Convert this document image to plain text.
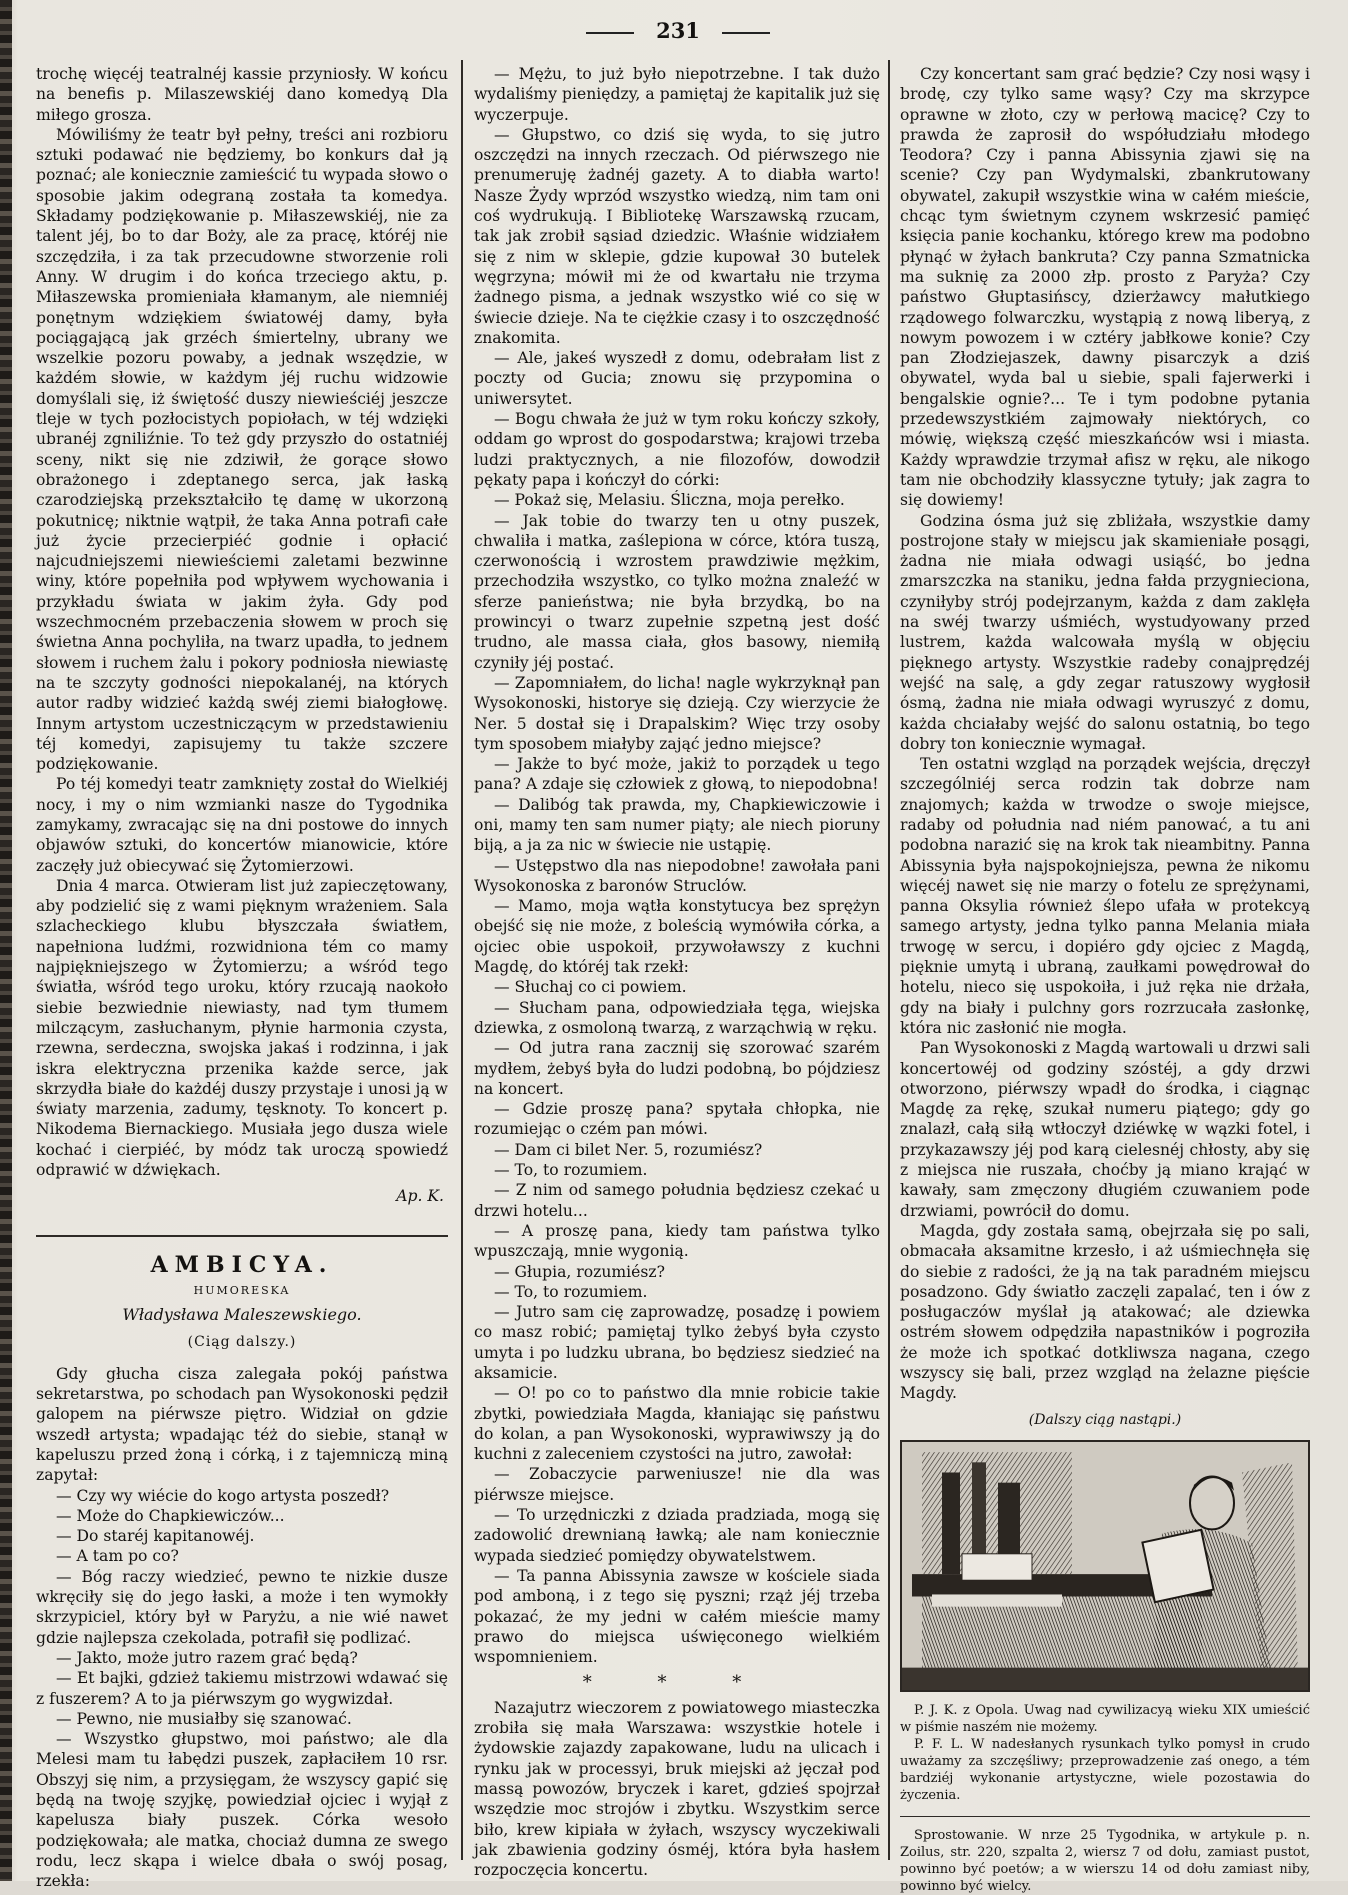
231

trochę więcéj teatralnéj kassie przyniosły. W końcu na benefis p. Milaszewskiéj dano komedyą Dla miłego grosza.

Mówiliśmy że teatr był pełny, treści ani rozbioru sztuki podawać nie będziemy, bo konkurs dał ją poznać; ale koniecznie zamieścić tu wypada słowo o sposobie jakim odegraną została ta komedya. Składamy podziękowanie p. Miłaszewskiéj, nie za talent jéj, bo to dar Boży, ale za pracę, któréj nie szczędziła, i za tak przecudowne stworzenie roli Anny. W drugim i do końca trzeciego aktu, p. Miłaszewska promieniała kłamanym, ale niemniéj ponętnym wdziękiem światowéj damy, była pociągającą jak grzéch śmiertelny, ubrany we wszelkie pozoru powaby, a jednak wszędzie, w każdém słowie, w każdym jéj ruchu widzowie domyślali się, iż świętość duszy niewieściéj jeszcze tleje w tych pozłocistych popiołach, w téj wdzięki ubranéj zgniliźnie. To też gdy przyszło do ostatniéj sceny, nikt się nie zdziwił, że gorące słowo obrażonego i zdeptanego serca, jak łaską czarodziejską przekształciło tę damę w ukorzoną pokutnicę; niktnie wątpił, że taka Anna potrafi całe już życie przecierpiéć godnie i opłacić najcudniejszemi niewieściemi zaletami bezwinne winy, które popełniła pod wpływem wychowania i przykładu świata w jakim żyła. Gdy pod wszechmocném przebaczenia słowem w proch się świetna Anna pochyliła, na twarz upadła, to jednem słowem i ruchem żalu i pokory podniosła niewiastę na te szczyty godności niepokalanéj, na których autor radby widzieć każdą swéj ziemi białogłowę. Innym artystom uczestniczącym w przedstawieniu téj komedyi, zapisujemy tu także szczere podziękowanie.

Po téj komedyi teatr zamknięty został do Wielkiéj nocy, i my o nim wzmianki nasze do Tygodnika zamykamy, zwracając się na dni postowe do innych objawów sztuki, do koncertów mianowicie, które zaczęły już obiecywać się Żytomierzowi.

Dnia 4 marca. Otwieram list już zapieczętowany, aby podzielić się z wami pięknym wrażeniem. Sala szlacheckiego klubu błyszczała światłem, napełniona ludźmi, rozwidniona tém co mamy najpiękniejszego w Żytomierzu; a wśród tego światła, wśród tego uroku, który rzucają naokoło siebie bezwiednie niewiasty, nad tym tłumem milczącym, zasłuchanym, płynie harmonia czysta, rzewna, serdeczna, swojska jakaś i rodzinna, i jak iskra elektryczna przenika każde serce, jak skrzydła białe do każdéj duszy przystaje i unosi ją w światy marzenia, zadumy, tęsknoty. To koncert p. Nikodema Biernackiego. Musiała jego dusza wiele kochać i cierpiéć, by módz tak uroczą spowiedź odprawić w dźwiękach.

Ap. K.
AMBICYA.
HUMORESKA
Władysława Maleszewskiego.
(Ciąg dalszy.)

Gdy głucha cisza zalegała pokój państwa sekretarstwa, po schodach pan Wysokonoski pędził galopem na piérwsze piętro. Widział on gdzie wszedł artysta; wpadając téż do siebie, stanął w kapeluszu przed żoną i córką, i z tajemniczą miną zapytał:

— Czy wy wiécie do kogo artysta poszedł?

— Może do Chapkiewiczów...

— Do staréj kapitanowéj.

— A tam po co?

— Bóg raczy wiedzieć, pewno te nizkie dusze wkręciły się do jego łaski, a może i ten wymokły skrzypiciel, który był w Paryżu, a nie wié nawet gdzie najlepsza czekolada, potrafił się podlizać.

— Jakto, może jutro razem grać będą?

— Et bajki, gdzież takiemu mistrzowi wdawać się z fuszerem? A to ja piérwszym go wygwizdał.

— Pewno, nie musiałby się szanować.

— Wszystko głupstwo, moi państwo; ale dla Melesi mam tu łabędzi puszek, zapłaciłem 10 rsr. Obszyj się nim, a przysięgam, że wszyscy gapić się będą na twoję szyjkę, powiedział ojciec i wyjął z kapelusza biały puszek. Córka wesoło podziękowała; ale matka, chociaż dumna ze swego rodu, lecz skąpa i wielce dbała o swój posag, rzekła:

— Mężu, to już było niepotrzebne. I tak dużo wydaliśmy pieniędzy, a pamiętaj że kapitalik już się wyczerpuje.

— Głupstwo, co dziś się wyda, to się jutro oszczędzi na innych rzeczach. Od piérwszego nie prenumeruję żadnéj gazety. A to diabła warto! Nasze Żydy wprzód wszystko wiedzą, nim tam oni coś wydrukują. I Bibliotekę Warszawską rzucam, tak jak zrobił sąsiad dziedzic. Właśnie widziałem się z nim w sklepie, gdzie kupował 30 butelek węgrzyna; mówił mi że od kwartału nie trzyma żadnego pisma, a jednak wszystko wié co się w świecie dzieje. Na te ciężkie czasy i to oszczędność znakomita.

— Ale, jakeś wyszedł z domu, odebrałam list z poczty od Gucia; znowu się przypomina o uniwersytet.

— Bogu chwała że już w tym roku kończy szkoły, oddam go wprost do gospodarstwa; krajowi trzeba ludzi praktycznych, a nie filozofów, dowodził pękaty papa i kończył do córki:

— Pokaż się, Melasiu. Śliczna, moja perełko.

— Jak tobie do twarzy ten u otny puszek, chwaliła i matka, zaślepiona w córce, która tuszą, czerwonością i wzrostem prawdziwie mężkim, przechodziła wszystko, co tylko można znaleźć w sferze panieństwa; nie była brzydką, bo na prowincyi o twarz zupełnie szpetną jest dość trudno, ale massa ciała, głos basowy, niemiłą czyniły jéj postać.

— Zapomniałem, do licha! nagle wykrzyknął pan Wysokonoski, historye się dzieją. Czy wierzycie że Ner. 5 dostał się i Drapalskim? Więc trzy osoby tym sposobem miałyby zająć jedno miejsce?

— Jakże to być może, jakiż to porządek u tego pana? A zdaje się człowiek z głową, to niepodobna!

— Dalibóg tak prawda, my, Chapkiewiczowie i oni, mamy ten sam numer piąty; ale niech pioruny biją, a ja za nic w świecie nie ustąpię.

— Ustępstwo dla nas niepodobne! zawołała pani Wysokonoska z baronów Struclów.

— Mamo, moja wątła konstytucya bez sprężyn obejść się nie może, z boleścią wymówiła córka, a ojciec obie uspokoił, przywoławszy z kuchni Magdę, do któréj tak rzekł:

— Słuchaj co ci powiem.

— Słucham pana, odpowiedziała tęga, wiejska dziewka, z osmoloną twarzą, z warząchwią w ręku.

— Od jutra rana zacznij się szorować szarém mydłem, żebyś była do ludzi podobną, bo pójdziesz na koncert.

— Gdzie proszę pana? spytała chłopka, nie rozumiejąc o czém pan mówi.

— Dam ci bilet Ner. 5, rozumiész?

— To, to rozumiem.

— Z nim od samego południa będziesz czekać u drzwi hotelu...

— A proszę pana, kiedy tam państwa tylko wpuszczają, mnie wygonią.

— Głupia, rozumiész?

— To, to rozumiem.

— Jutro sam cię zaprowadzę, posadzę i powiem co masz robić; pamiętaj tylko żebyś była czysto umyta i po ludzku ubrana, bo będziesz siedzieć na aksamicie.

— O! po co to państwo dla mnie robicie takie zbytki, powiedziała Magda, kłaniając się państwu do kolan, a pan Wysokonoski, wyprawiwszy ją do kuchni z zaleceniem czystości na jutro, zawołał:

— Zobaczycie parweniusze! nie dla was piérwsze miejsce.

— To urzędniczki z dziada pradziada, mogą się zadowolić drewnianą ławką; ale nam koniecznie wypada siedzieć pomiędzy obywatelstwem.

— Ta panna Abissynia zawsze w kościele siada pod amboną, i z tego się pyszni; rząż jéj trzeba pokazać, że my jedni w całém mieście mamy prawo do miejsca uświęconego wielkiém wspomnieniem.

* * *

Nazajutrz wieczorem z powiatowego miasteczka zrobiła się mała Warszawa: wszystkie hotele i żydowskie zajazdy zapakowane, ludu na ulicach i rynku jak w processyi, bruk miejski aż jęczał pod massą powozów, bryczek i karet, gdzieś spojrzał wszędzie moc strojów i zbytku. Wszystkim serce biło, krew kipiała w żyłach, wszyscy wyczekiwali jak zbawienia godziny ósméj, która była hasłem rozpoczęcia koncertu.

Czy koncertant sam grać będzie? Czy nosi wąsy i brodę, czy tylko same wąsy? Czy ma skrzypce oprawne w złoto, czy w perłową macicę? Czy to prawda że zaprosił do współudziału młodego Teodora? Czy i panna Abissynia zjawi się na scenie? Czy pan Wydymalski, zbankrutowany obywatel, zakupił wszystkie wina w całém mieście, chcąc tym świetnym czynem wskrzesić pamięć księcia panie kochanku, którego krew ma podobno płynąć w żyłach bankruta? Czy panna Szmatnicka ma suknię za 2000 złp. prosto z Paryża? Czy państwo Głuptasińscy, dzierżawcy małutkiego rządowego folwarczku, wystąpią z nową liberyą, z nowym powozem i w cztéry jabłkowe konie? Czy pan Złodziejaszek, dawny pisarczyk a dziś obywatel, wyda bal u siebie, spali fajerwerki i bengalskie ognie?... Te i tym podobne pytania przedewszystkiém zajmowały niektórych, co mówię, większą część mieszkańców wsi i miasta. Każdy wprawdzie trzymał afisz w ręku, ale nikogo tam nie obchodziły klassyczne tytuły; jak zagra to się dowiemy!

Godzina ósma już się zbliżała, wszystkie damy postrojone stały w miejscu jak skamieniałe posągi, żadna nie miała odwagi usiąść, bo jedna zmarszczka na staniku, jedna fałda przygnieciona, czyniłyby strój podejrzanym, każda z dam zaklęła na swéj twarzy uśmiéch, wystudyowany przed lustrem, każda walcowała myślą w objęciu pięknego artysty. Wszystkie radeby conajprędzéj wejść na salę, a gdy zegar ratuszowy wygłosił ósmą, żadna nie miała odwagi wyruszyć z domu, każda chciałaby wejść do salonu ostatnią, bo tego dobry ton koniecznie wymagał.

Ten ostatni wzgląd na porządek wejścia, dręczył szczególniéj serca rodzin tak dobrze nam znajomych; każda w trwodze o swoje miejsce, radaby od południa nad niém panować, a tu ani podobna narazić się na krok tak nieambitny. Panna Abissynia była najspokojniejsza, pewna że nikomu więcéj nawet się nie marzy o fotelu ze sprężynami, panna Oksylia również ślepo ufała w protekcyą samego artysty, jedna tylko panna Melania miała trwogę w sercu, i dopiéro gdy ojciec z Magdą, pięknie umytą i ubraną, zaułkami powędrował do hotelu, nieco się uspokoiła, i już ręka nie drżała, gdy na biały i pulchny gors rozrzucała zasłonkę, która nic zasłonić nie mogła.

Pan Wysokonoski z Magdą wartowali u drzwi sali koncertowéj od godziny szóstéj, a gdy drzwi otworzono, piérwszy wpadł do środka, i ciągnąc Magdę za rękę, szukał numeru piątego; gdy go znalazł, całą siłą wtłoczył dziéwkę w wązki fotel, i przykazawszy jéj pod karą cielesnéj chłosty, aby się z miejsca nie ruszała, choćby ją miano krająć w kawały, sam zmęczony długiém czuwaniem pode drzwiami, powrócił do domu.

Magda, gdy została samą, obejrzała się po sali, obmacała aksamitne krzesło, i aż uśmiechnęła się do siebie z radości, że ją na tak paradném miejscu posadzono. Gdy światło zaczęli zapalać, ten i ów z posługaczów myślał ją atakować; ale dziewka ostrém słowem odpędziła napastników i pogroziła że może ich spotkać dotkliwsza nagana, czego wszyscy się bali, przez wzgląd na żelazne pięście Magdy.

(Dalszy ciąg nastąpi.)

P. J. K. z Opola. Uwag nad cywilizacyą wieku XIX umieścić w piśmie naszém nie możemy.

P. F. L. W nadesłanych rysunkach tylko pomysł in crudo uważamy za szczęśliwy; przeprowadzenie zaś onego, a tém bardziéj wykonanie artystyczne, wiele pozostawia do życzenia.

Sprostowanie. W nrze 25 Tygodnika, w artykule p. n. Zoilus, str. 220, szpalta 2, wiersz 7 od dołu, zamiast pustot, powinno być poetów; a w wierszu 14 od dołu zamiast niby, powinno być wielcy.
